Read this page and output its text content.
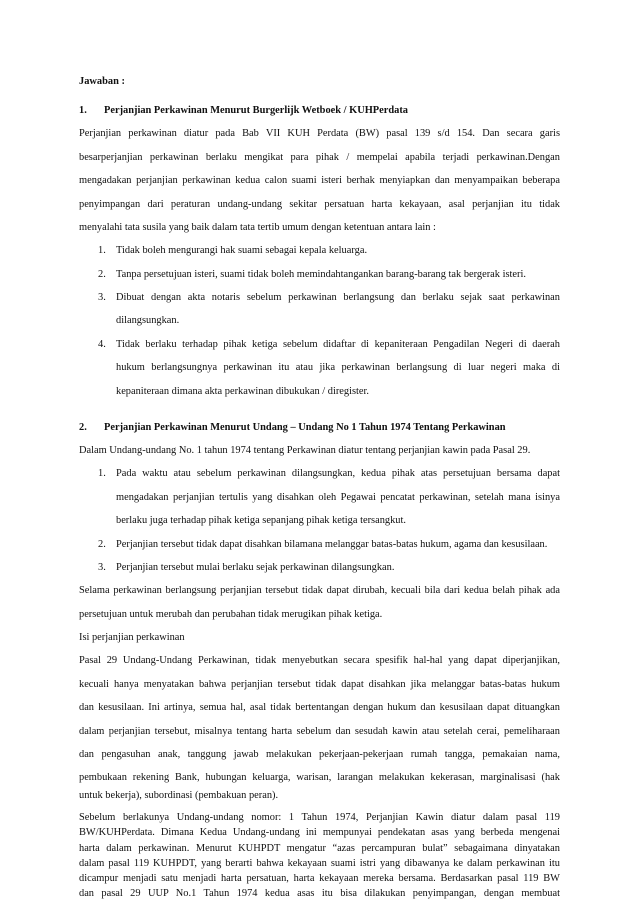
Jawaban :
1. Perjanjian Perkawinan Menurut Burgerlijk Wetboek / KUHPerdata
Perjanjian perkawinan diatur pada Bab VII KUH Perdata (BW) pasal 139 s/d 154. Dan secara garis
besarperjanjian perkawinan berlaku mengikat para pihak / mempelai apabila terjadi perkawinan.Dengan
mengadakan perjanjian perkawinan kedua calon suami isteri berhak menyiapkan dan menyampaikan beberapa
penyimpangan dari peraturan undang-undang sekitar persatuan harta kekayaan, asal perjanjian itu tidak
menyalahi tata susila yang baik dalam tata tertib umum dengan ketentuan antara lain :
1. Tidak boleh mengurangi hak suami sebagai kepala keluarga.
2. Tanpa persetujuan isteri, suami tidak boleh memindahtangankan barang-barang tak bergerak isteri.
3. Dibuat dengan akta notaris sebelum perkawinan berlangsung dan berlaku sejak saat perkawinan
dilangsungkan.
4. Tidak berlaku terhadap pihak ketiga sebelum didaftar di kepaniteraan Pengadilan Negeri di daerah
hukum berlangsungnya perkawinan itu atau jika perkawinan berlangsung di luar negeri maka di
kepaniteraan dimana akta perkawinan dibukukan / diregister.
2. Perjanjian Perkawinan Menurut Undang – Undang No 1 Tahun 1974 Tentang Perkawinan
Dalam Undang-undang No. 1 tahun 1974 tentang Perkawinan diatur tentang perjanjian kawin pada Pasal 29.
1. Pada waktu atau sebelum perkawinan dilangsungkan, kedua pihak atas persetujuan bersama dapat
mengadakan perjanjian tertulis yang disahkan oleh Pegawai pencatat perkawinan, setelah mana isinya
berlaku juga terhadap pihak ketiga sepanjang pihak ketiga tersangkut.
2. Perjanjian tersebut tidak dapat disahkan bilamana melanggar batas-batas hukum, agama dan kesusilaan.
3. Perjanjian tersebut mulai berlaku sejak perkawinan dilangsungkan.
Selama perkawinan berlangsung perjanjian tersebut tidak dapat dirubah, kecuali bila dari kedua belah pihak ada
persetujuan untuk merubah dan perubahan tidak merugikan pihak ketiga.
Isi perjanjian perkawinan
Pasal 29 Undang-Undang Perkawinan, tidak menyebutkan secara spesifik hal-hal yang dapat diperjanjikan,
kecuali hanya menyatakan bahwa perjanjian tersebut tidak dapat disahkan jika melanggar batas-batas hukum
dan kesusilaan. Ini artinya, semua hal, asal tidak bertentangan dengan hukum dan kesusilaan dapat dituangkan
dalam perjanjian tersebut, misalnya tentang harta sebelum dan sesudah kawin atau setelah cerai, pemeliharaan
dan pengasuhan anak, tanggung jawab melakukan pekerjaan-pekerjaan rumah tangga, pemakaian nama,
pembukaan rekening Bank, hubungan keluarga, warisan, larangan melakukan kekerasan, marginalisasi (hak
untuk bekerja), subordinasi (pembakuan peran).
Sebelum berlakunya Undang-undang nomor: 1 Tahun 1974, Perjanjian Kawin diatur dalam pasal 119
BW/KUHPerdata. Dimana Kedua Undang-undang ini mempunyai pendekatan asas yang berbeda mengenai
harta dalam perkawinan. Menurut KUHPDT mengatur “azas percampuran bulat” sebagaimana dinyatakan
dalam pasal 119 KUHPDT, yang berarti bahwa kekayaan suami istri yang dibawanya ke dalam perkawinan itu
dicampur menjadi satu menjadi harta persatuan, harta kekayaan mereka bersama. Berdasarkan pasal 119 BW
dan pasal 29 UUP No.1 Tahun 1974 kedua asas itu bisa dilakukan penyimpangan, dengan membuat
